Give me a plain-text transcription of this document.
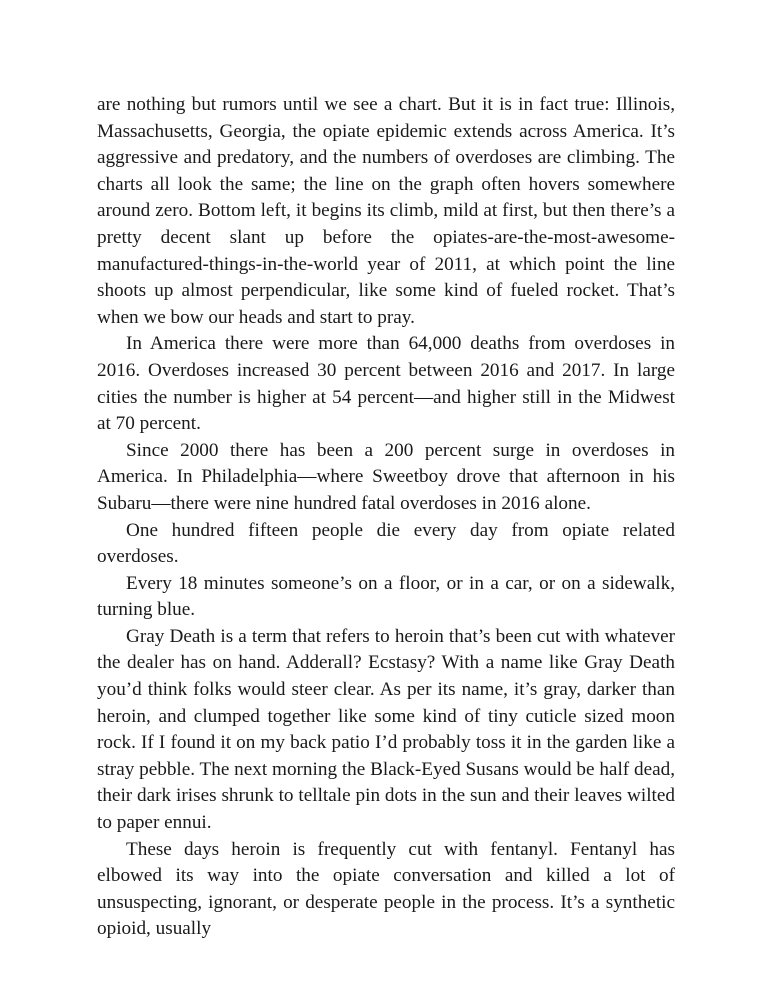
are nothing but rumors until we see a chart. But it is in fact true: Illinois, Massachusetts, Georgia, the opiate epidemic extends across America. It’s aggressive and predatory, and the numbers of overdoses are climbing. The charts all look the same; the line on the graph often hovers somewhere around zero. Bottom left, it begins its climb, mild at first, but then there’s a pretty decent slant up before the opiates-are-the-most-awesome-manufactured-things-in-the-world year of 2011, at which point the line shoots up almost perpendicular, like some kind of fueled rocket. That’s when we bow our heads and start to pray.

In America there were more than 64,000 deaths from overdoses in 2016. Overdoses increased 30 percent between 2016 and 2017. In large cities the number is higher at 54 percent—and higher still in the Midwest at 70 percent.

Since 2000 there has been a 200 percent surge in overdoses in America. In Philadelphia—where Sweetboy drove that afternoon in his Subaru—there were nine hundred fatal overdoses in 2016 alone.

One hundred fifteen people die every day from opiate related overdoses.

Every 18 minutes someone’s on a floor, or in a car, or on a sidewalk, turning blue.

Gray Death is a term that refers to heroin that’s been cut with whatever the dealer has on hand. Adderall? Ecstasy? With a name like Gray Death you’d think folks would steer clear. As per its name, it’s gray, darker than heroin, and clumped together like some kind of tiny cuticle sized moon rock. If I found it on my back patio I’d probably toss it in the garden like a stray pebble. The next morning the Black-Eyed Susans would be half dead, their dark irises shrunk to telltale pin dots in the sun and their leaves wilted to paper ennui.

These days heroin is frequently cut with fentanyl. Fentanyl has elbowed its way into the opiate conversation and killed a lot of unsuspecting, ignorant, or desperate people in the process. It’s a synthetic opioid, usually
